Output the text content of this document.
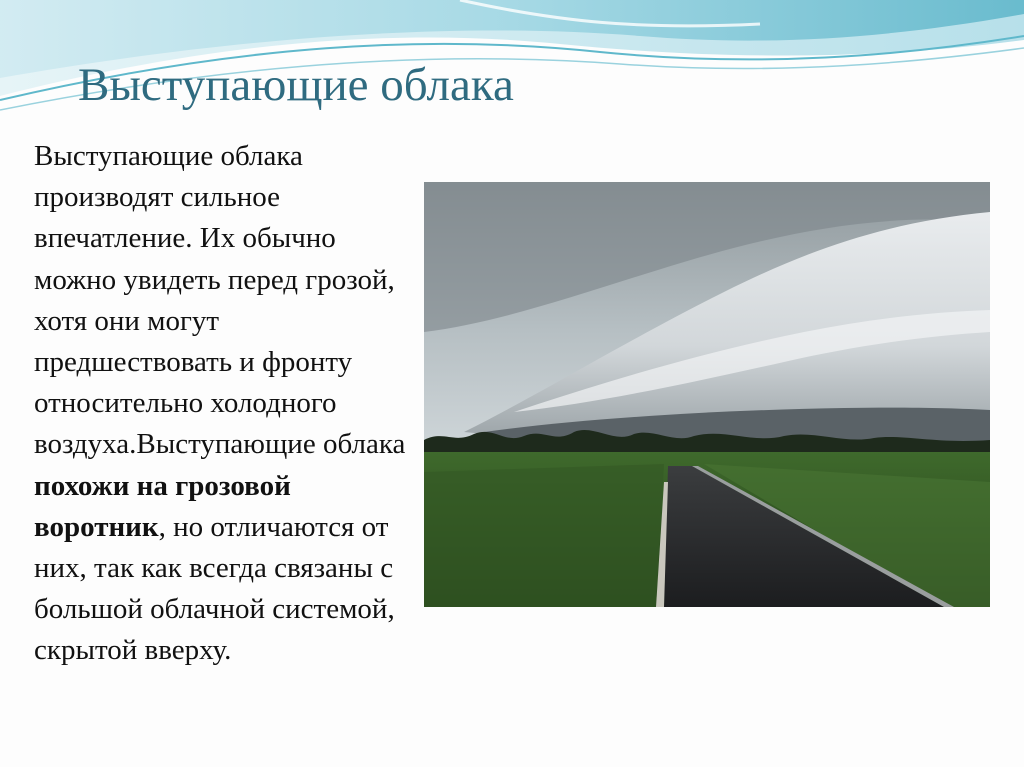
Выступающие облака
Выступающие облака производят сильное впечатление. Их обычно можно увидеть перед грозой, хотя они могут предшествовать и фронту относительно холодного воздуха.Выступающие облака похожи на грозовой воротник, но отличаются от них, так как всегда связаны с большой облачной системой, скрытой вверху.
